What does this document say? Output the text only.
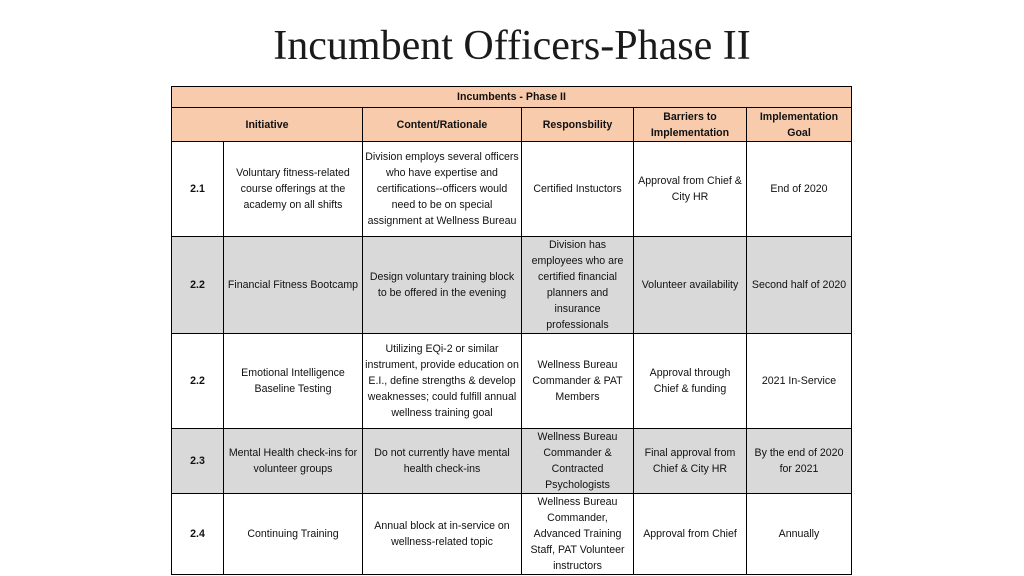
Incumbent Officers-Phase II
Incumbents - Phase II					
Initiative		Content/Rationale	Responsbility	Barriers to Implementation	Implementation Goal
2.1	Voluntary fitness-related course offerings at the academy on all shifts	Division employs several officers who have expertise and certifications--officers would need to be on special assignment at Wellness Bureau	Certified Instuctors	Approval from Chief & City HR	End of 2020
2.2	Financial Fitness Bootcamp	Design voluntary training block to be offered in the evening	Division has employees who are certified financial planners and insurance professionals	Volunteer availability	Second half of 2020
2.2	Emotional Intelligence Baseline Testing	Utilizing EQi-2 or similar instrument, provide education on E.I., define strengths & develop weaknesses; could fulfill annual wellness training goal	Wellness Bureau Commander & PAT Members	Approval through Chief & funding	2021 In-Service
2.3	Mental Health check-ins for volunteer groups	Do not currently have mental health check-ins	Wellness Bureau Commander & Contracted Psychologists	Final approval from Chief & City HR	By the end of 2020 for 2021
2.4	Continuing Training	Annual block at in-service on wellness-related topic	Wellness Bureau Commander, Advanced Training Staff, PAT Volunteer instructors	Approval from Chief	Annually
